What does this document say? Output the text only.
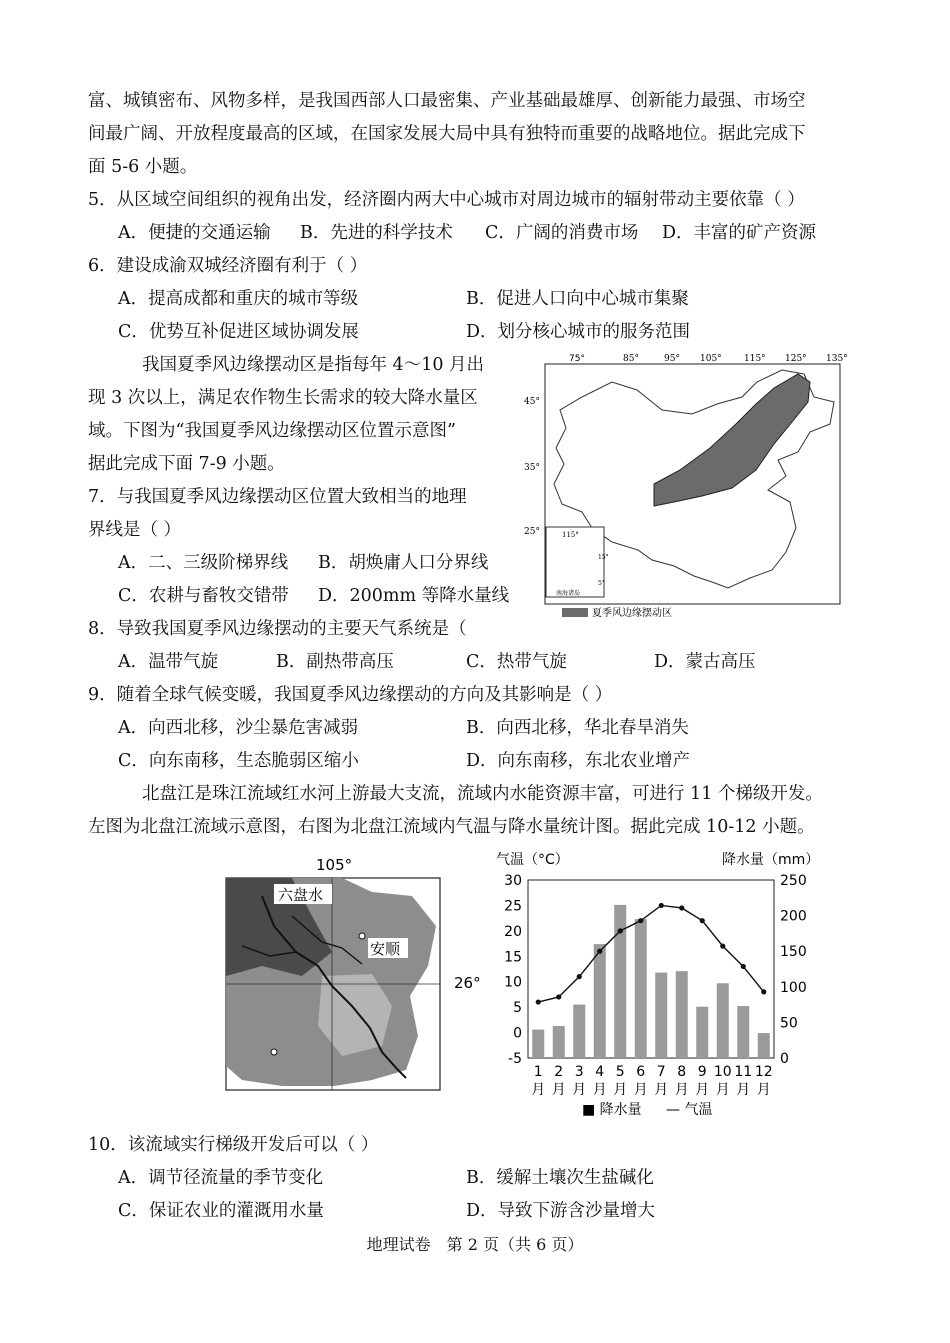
富、城镇密布、风物多样，是我国西部人口最密集、产业基础最雄厚、创新能力最强、市场空
间最广阔、开放程度最高的区域，在国家发展大局中具有独特而重要的战略地位。据此完成下
面 5-6 小题。
5．从区域空间组织的视角出发，经济圈内两大中心城市对周边城市的辐射带动主要依靠（ ）
A．便捷的交通运输 B．先进的科学技术 C．广阔的消费市场 D．丰富的矿产资源
6．建设成渝双城经济圈有利于（ ）
A．提高成都和重庆的城市等级	B．促进人口向中心城市集聚
C．优势互补促进区域协调发展	D．划分核心城市的服务范围
我国夏季风边缘摆动区是指每年 4～10 月出
现 3 次以上，满足农作物生长需求的较大降水量区
域。下图为“我国夏季风边缘摆动区位置示意图”
据此完成下面 7-9 小题。
75°	85°	95° 105° 115° 125° 135°
45°
35°
25°	115°
15°
5°
南海诸岛
夏季风边缘摆动区
7．与我国夏季风边缘摆动区位置大致相当的地理
界线是（ ）
A．二、三级阶梯界线 B．胡焕庸人口分界线
C．农耕与畜牧交错带 D．200mm 等降水量线
8．导致我国夏季风边缘摆动的主要天气系统是（
A．温带气旋	B．副热带高压	C．热带气旋	D．蒙古高压
9．随着全球气候变暖，我国夏季风边缘摆动的方向及其影响是（ ）
A．向西北移，沙尘暴危害减弱	B．向西北移，华北春旱消失
C．向东南移，生态脆弱区缩小	D．向东南移，东北农业增产
北盘江是珠江流域红水河上游最大支流，流域内水能资源丰富，可进行 11 个梯级开发。
左图为北盘江流域示意图，右图为北盘江流域内气温与降水量统计图。据此完成 10-12 小题。
105°
六盘水
安顺
26°
气温（°C）	降水量（mm）
30
25
20
15
10
5
0
-5
250
200
150
100
50
0
1
月
2
月
3
月
4
月
5
月
6
月
7
月
8
月
9
月
10
月
11
月
12
月
■ 降水量 — 气温
10．该流域实行梯级开发后可以（ ）
A．调节径流量的季节变化	B．缓解土壤次生盐碱化
C．保证农业的灌溉用水量	D．导致下游含沙量增大
地理试卷　第 2 页（共 6 页）
